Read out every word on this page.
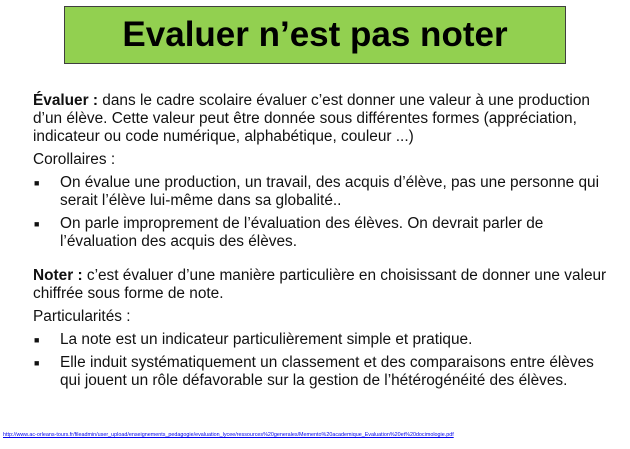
Evaluer n’est pas noter

Évaluer : dans le cadre scolaire évaluer c’est donner une valeur à une production d’un élève. Cette valeur peut être donnée sous différentes formes (appréciation, indicateur ou code numérique, alphabétique, couleur ...)

Corollaires :

■	On évalue une production, un travail, des acquis d’élève, pas une personne qui serait l’élève lui-même dans sa globalité..
■	On parle improprement de l’évaluation des élèves. On devrait parler de l’évaluation des acquis des élèves.

Noter : c’est évaluer d’une manière particulière en choisissant de donner une valeur chiffrée sous forme de note.

Particularités :

■	La note est un indicateur particulièrement simple et pratique.
■	Elle induit systématiquement un classement et des comparaisons entre élèves qui jouent un rôle défavorable sur la gestion de l’hétérogénéité des élèves.
http://www.ac-orleans-tours.fr/fileadmin/user_upload/enseignements_pedagogie/evaluation_lycee/ressources%20generales/Memento%20academique_Evaluation%20et%20docimologie.pdf
